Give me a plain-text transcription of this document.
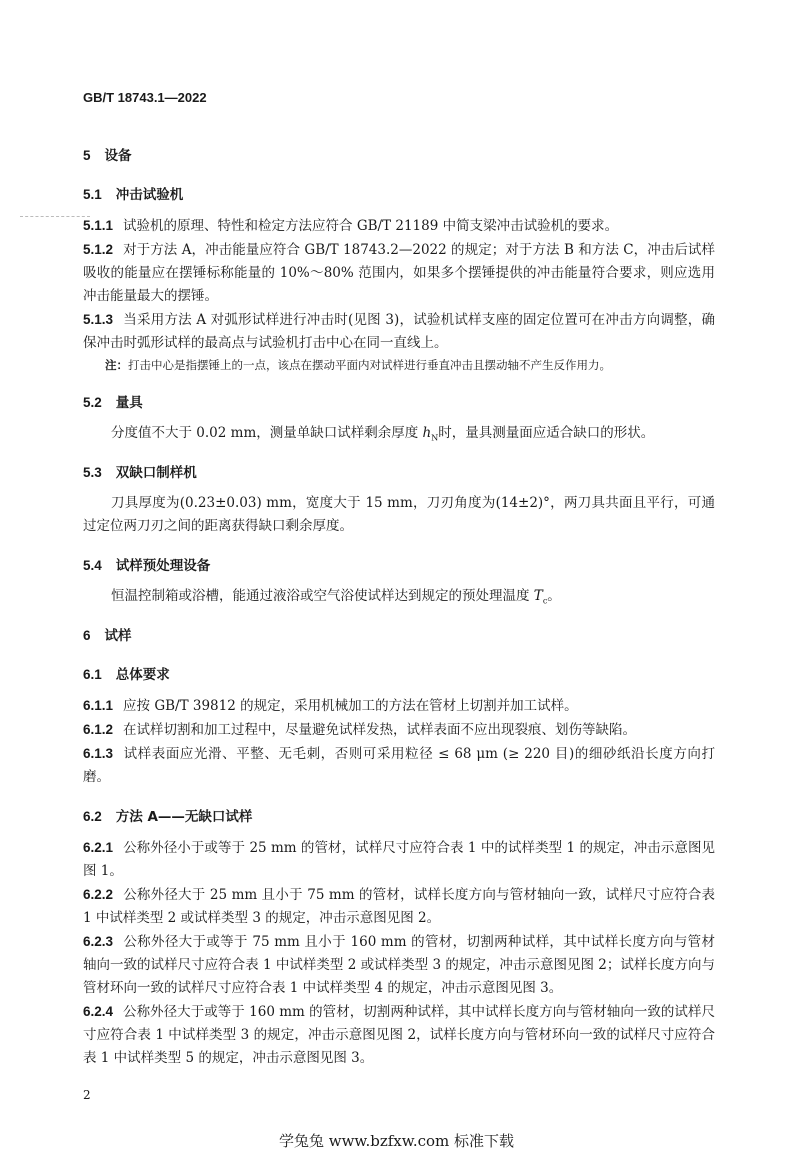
GB/T 18743.1—2022
5 设备
5.1 冲击试验机
5.1.1 试验机的原理、特性和检定方法应符合 GB/T 21189 中简支梁冲击试验机的要求。
5.1.2 对于方法 A，冲击能量应符合 GB/T 18743.2—2022 的规定；对于方法 B 和方法 C，冲击后试样吸收的能量应在摆锤标称能量的 10%～80% 范围内，如果多个摆锤提供的冲击能量符合要求，则应选用冲击能量最大的摆锤。
5.1.3 当采用方法 A 对弧形试样进行冲击时(见图 3)，试验机试样支座的固定位置可在冲击方向调整，确保冲击时弧形试样的最高点与试验机打击中心在同一直线上。
注：打击中心是指摆锤上的一点，该点在摆动平面内对试样进行垂直冲击且摆动轴不产生反作用力。
5.2 量具
分度值不大于 0.02 mm，测量单缺口试样剩余厚度 $h_N$时，量具测量面应适合缺口的形状。
5.3 双缺口制样机
刀具厚度为(0.23±0.03) mm，宽度大于 15 mm，刀刃角度为(14±2)°，两刀具共面且平行，可通过定位两刀刃之间的距离获得缺口剩余厚度。
5.4 试样预处理设备
恒温控制箱或浴槽，能通过液浴或空气浴使试样达到规定的预处理温度 $T_c$。
6 试样
6.1 总体要求
6.1.1 应按 GB/T 39812 的规定，采用机械加工的方法在管材上切割并加工试样。
6.1.2 在试样切割和加工过程中，尽量避免试样发热，试样表面不应出现裂痕、划伤等缺陷。
6.1.3 试样表面应光滑、平整、无毛刺，否则可采用粒径 ≤ 68 μm (≥ 220 目)的细砂纸沿长度方向打磨。
6.2 方法 A——无缺口试样
6.2.1 公称外径小于或等于 25 mm 的管材，试样尺寸应符合表 1 中的试样类型 1 的规定，冲击示意图见图 1。
6.2.2 公称外径大于 25 mm 且小于 75 mm 的管材，试样长度方向与管材轴向一致，试样尺寸应符合表 1 中试样类型 2 或试样类型 3 的规定，冲击示意图见图 2。
6.2.3 公称外径大于或等于 75 mm 且小于 160 mm 的管材，切割两种试样，其中试样长度方向与管材轴向一致的试样尺寸应符合表 1 中试样类型 2 或试样类型 3 的规定，冲击示意图见图 2；试样长度方向与管材环向一致的试样尺寸应符合表 1 中试样类型 4 的规定，冲击示意图见图 3。
6.2.4 公称外径大于或等于 160 mm 的管材，切割两种试样，其中试样长度方向与管材轴向一致的试样尺寸应符合表 1 中试样类型 3 的规定，冲击示意图见图 2，试样长度方向与管材环向一致的试样尺寸应符合表 1 中试样类型 5 的规定，冲击示意图见图 3。
2
学兔兔 www.bzfxw.com 标准下载
